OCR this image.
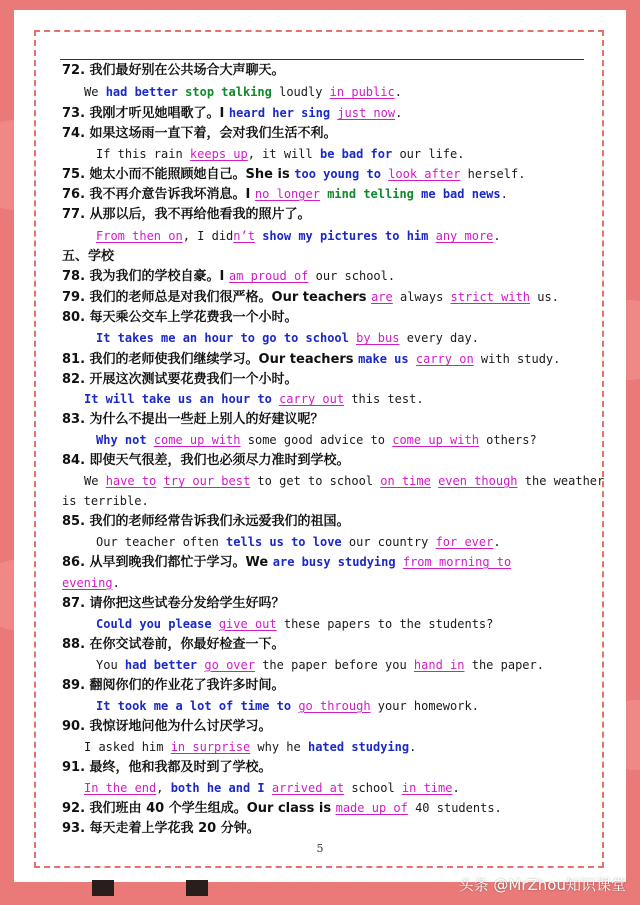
72. 我们最好别在公共场合大声聊天。
We had better stop talking loudly in public.
73. 我刚才听见她唱歌了。I heard her sing just now.
74. 如果这场雨一直下着，会对我们生活不利。
If this rain keeps up, it will be bad for our life.
75. 她太小而不能照顾她自己。She is too young to look after herself.
76. 我不再介意告诉我坏消息。I no longer mind telling me bad news.
77. 从那以后，我不再给他看我的照片了。
From then on, I didn’t show my pictures to him any more.
五、学校
78. 我为我们的学校自豪。I am proud of our school.
79. 我们的老师总是对我们很严格。Our teachers are always strict with us.
80. 每天乘公交车上学花费我一个小时。
It takes me an hour to go to school by bus every day.
81. 我们的老师使我们继续学习。Our teachers make us carry on with study.
82. 开展这次测试要花费我们一个小时。
It will take us an hour to carry out this test.
83. 为什么不提出一些赶上别人的好建议呢？
Why not come up with some good advice to come up with others?
84. 即使天气很差，我们也必须尽力准时到学校。
We have to try our best to get to school on time even though the weather
is terrible.
85. 我们的老师经常告诉我们永远爱我们的祖国。
Our teacher often tells us to love our country for ever.
86. 从早到晚我们都忙于学习。We are busy studying from morning to
evening.
87. 请你把这些试卷分发给学生好吗？
Could you please give out these papers to the students?
88. 在你交试卷前，你最好检查一下。
You had better go over the paper before you hand in the paper.
89. 翻阅你们的作业花了我许多时间。
It took me a lot of time to go through your homework.
90. 我惊讶地问他为什么讨厌学习。
I asked him in surprise why he hated studying.
91. 最终，他和我都及时到了学校。
In the end, both he and I arrived at school in time.
92. 我们班由 40 个学生组成。Our class is made up of 40 students.
93. 每天走着上学花我 20 分钟。
5
头条 @MrZhou知识课堂
